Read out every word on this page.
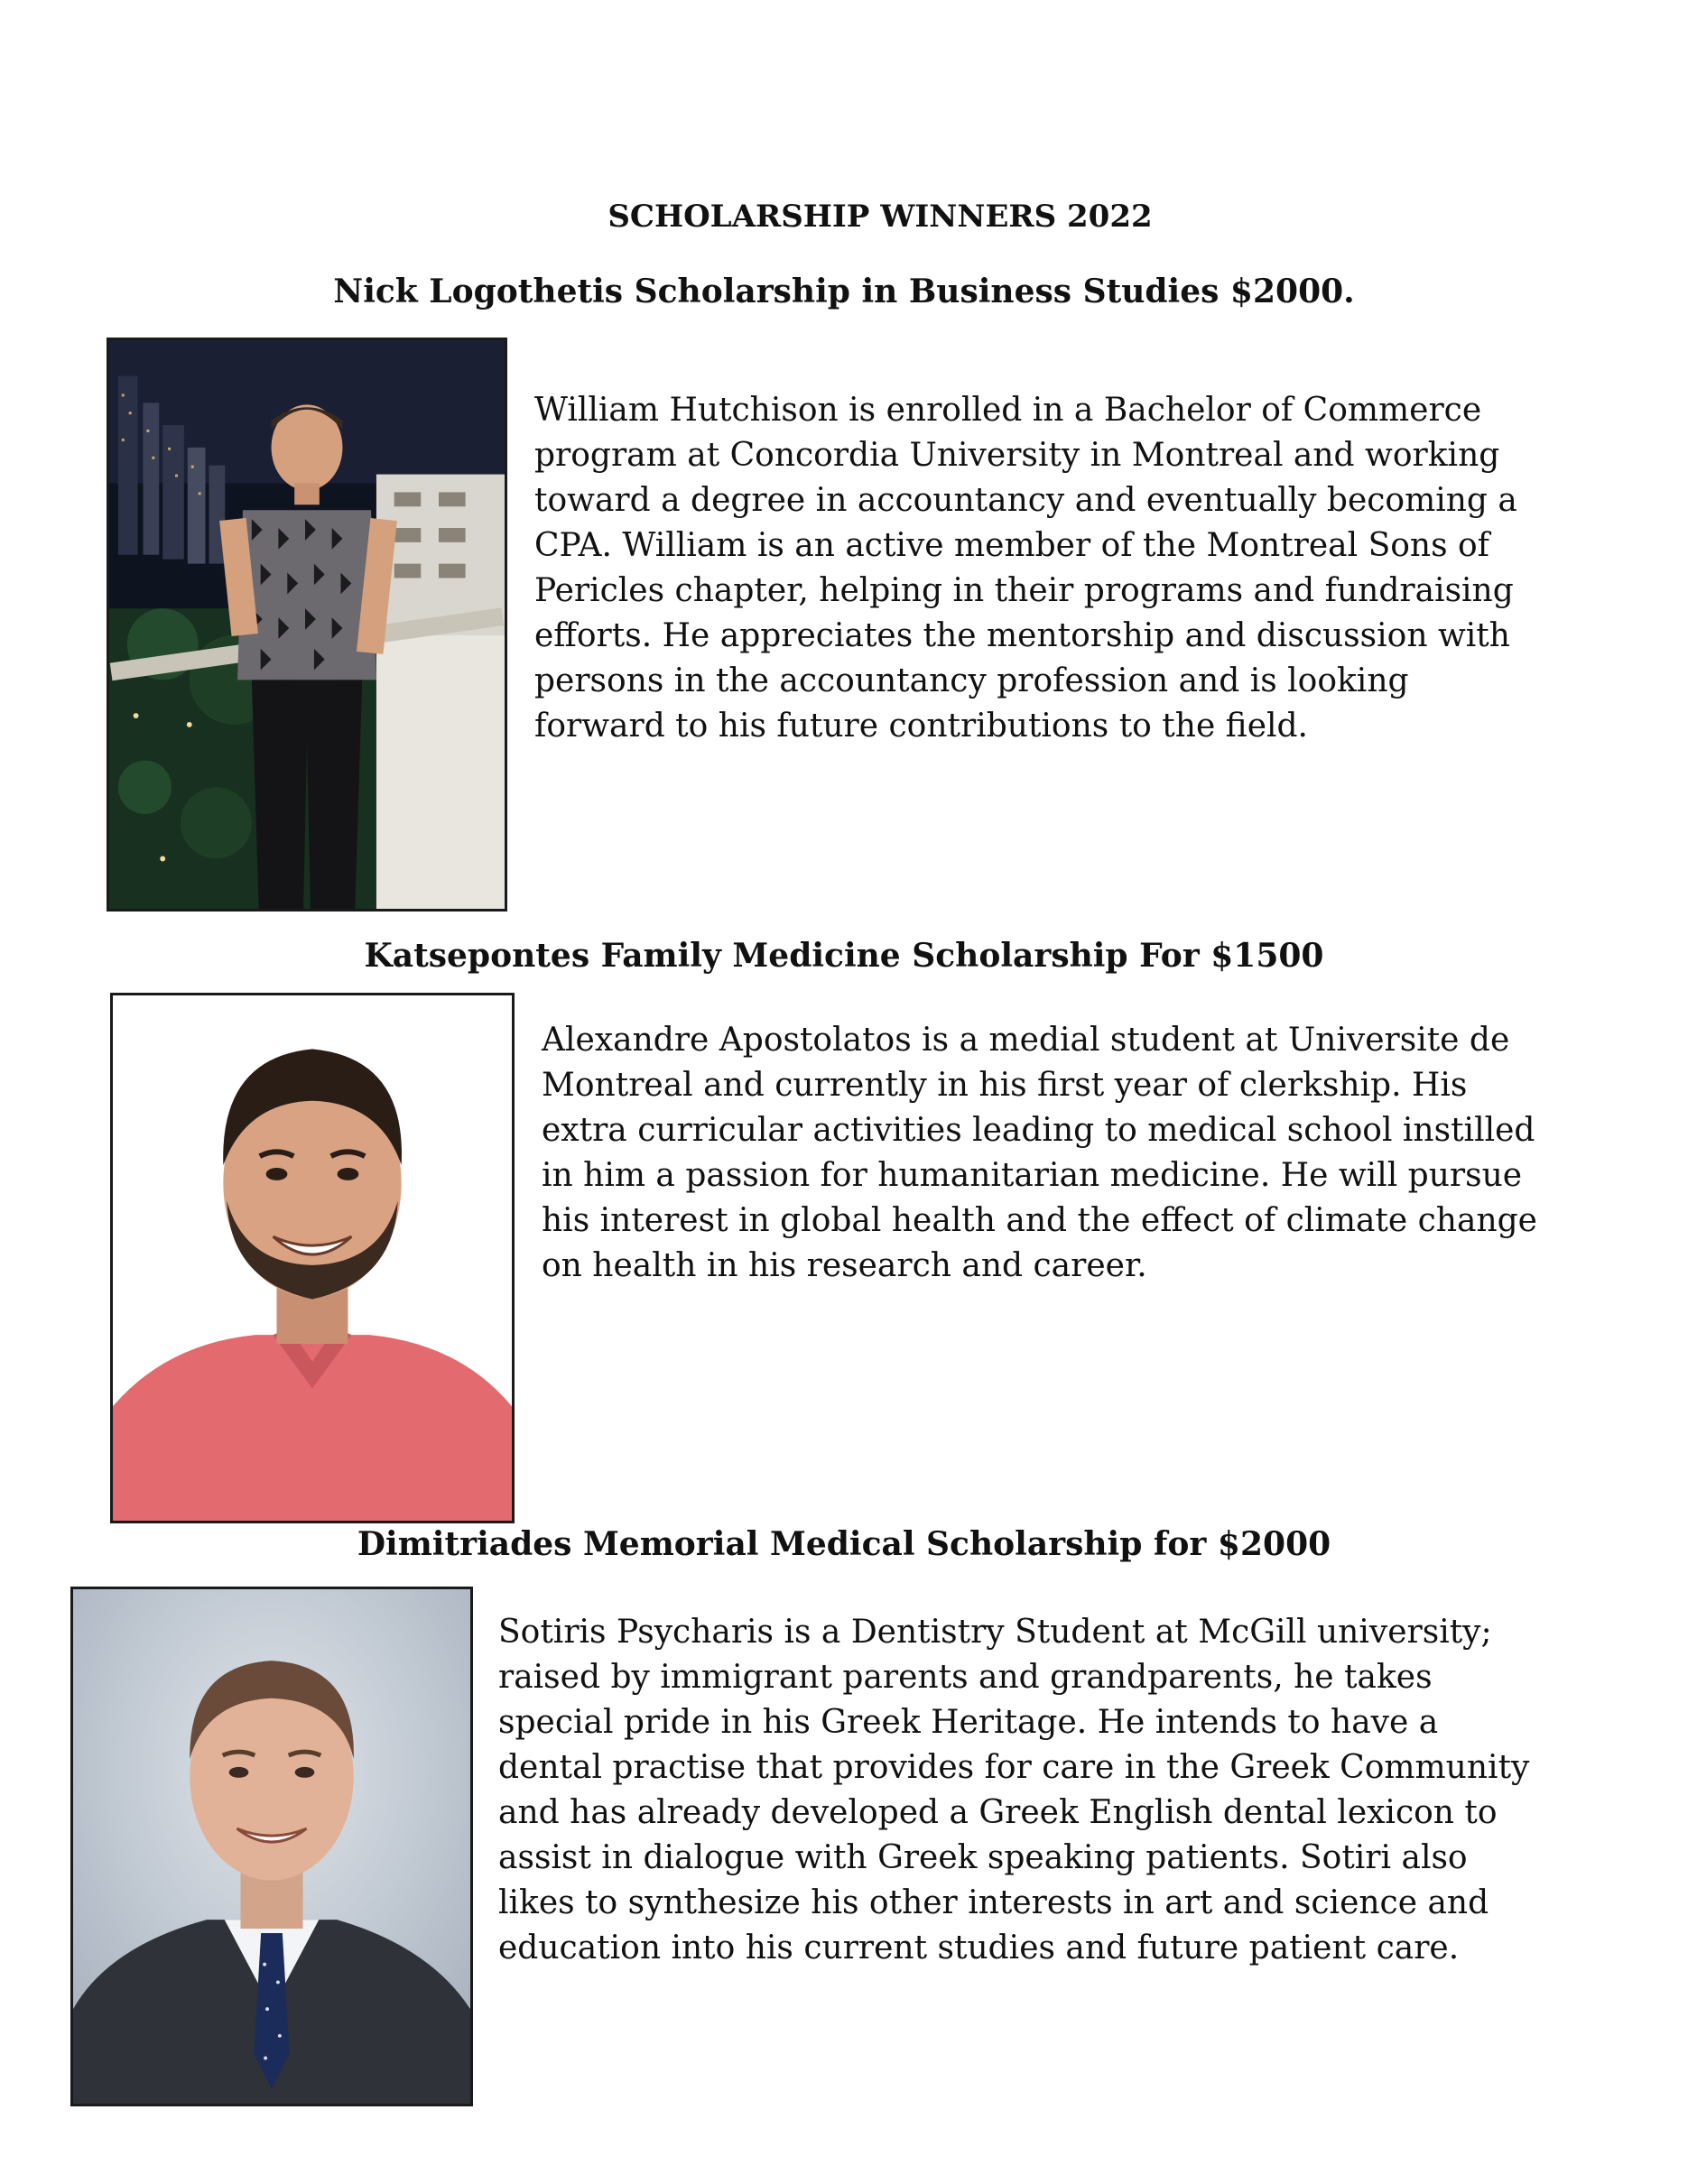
SCHOLARSHIP WINNERS 2022
Nick Logothetis Scholarship in Business Studies $2000.
William Hutchison is enrolled in a Bachelor of Commerce program at Concordia University in Montreal and working toward a degree in accountancy and eventually becoming a CPA. William is an active member of the Montreal Sons of Pericles chapter, helping in their programs and fundraising efforts. He appreciates the mentorship and discussion with persons in the accountancy profession and is looking forward to his future contributions to the field.
Katsepontes Family Medicine Scholarship For $1500
Alexandre Apostolatos is a medial student at Universite de Montreal and currently in his first year of clerkship. His extra curricular activities leading to medical school instilled in him a passion for humanitarian medicine. He will pursue his interest in global health and the effect of climate change on health in his research and career.
Dimitriades Memorial Medical Scholarship for $2000
Sotiris Psycharis is a Dentistry Student at McGill university; raised by immigrant parents and grandparents, he takes special pride in his Greek Heritage. He intends to have a dental practise that provides for care in the Greek Community and has already developed a Greek English dental lexicon to assist in dialogue with Greek speaking patients. Sotiri also likes to synthesize his other interests in art and science and education into his current studies and future patient care.
